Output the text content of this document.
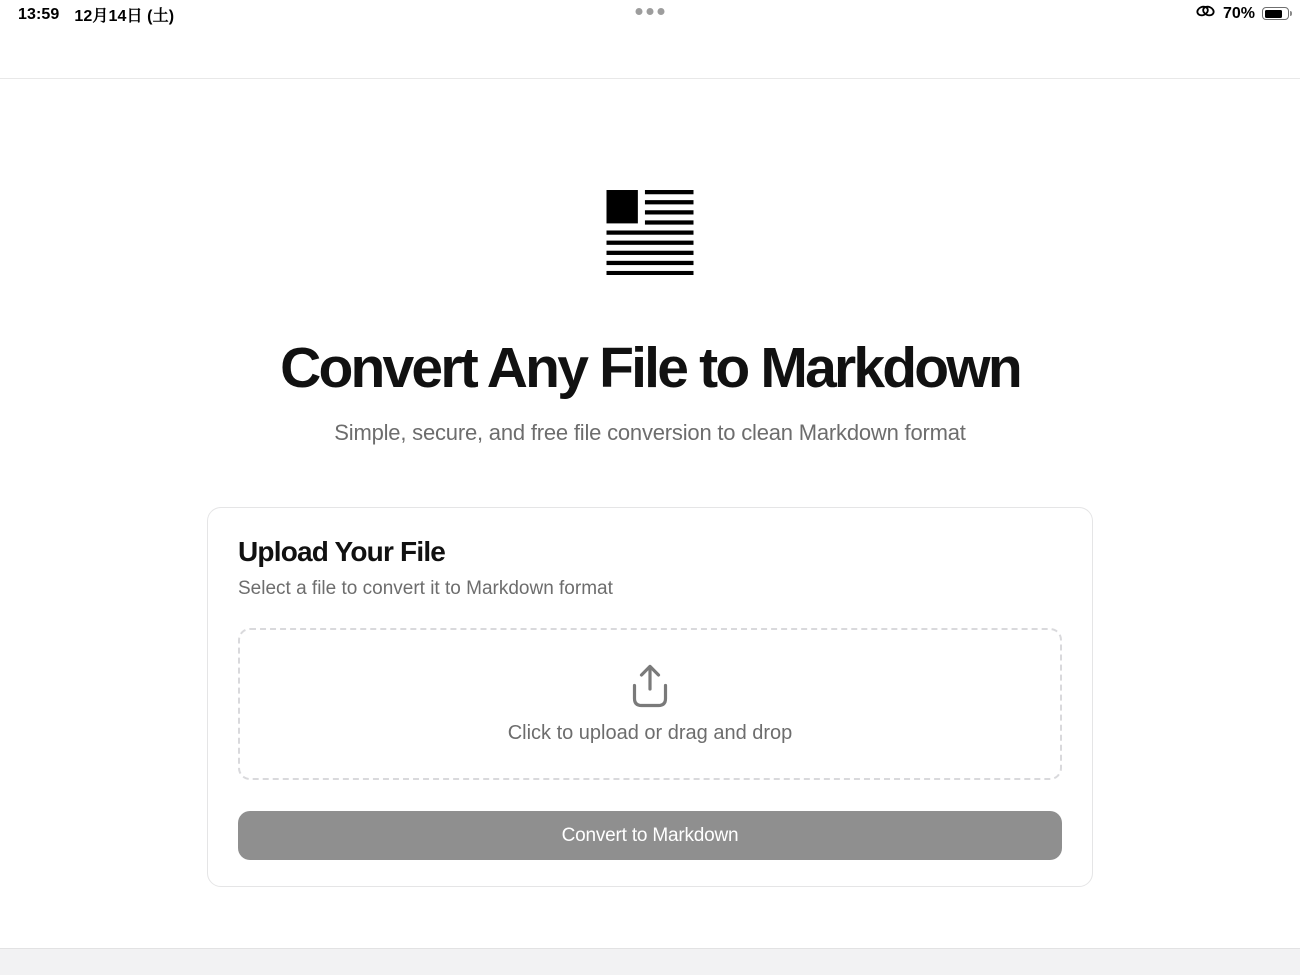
13:59 12月14日 (土)	70%
Convert Any File to Markdown

Simple, secure, and free file conversion to clean Markdown format

Upload Your File

Select a file to convert it to Markdown format

Click to upload or drag and drop
Convert to Markdown
